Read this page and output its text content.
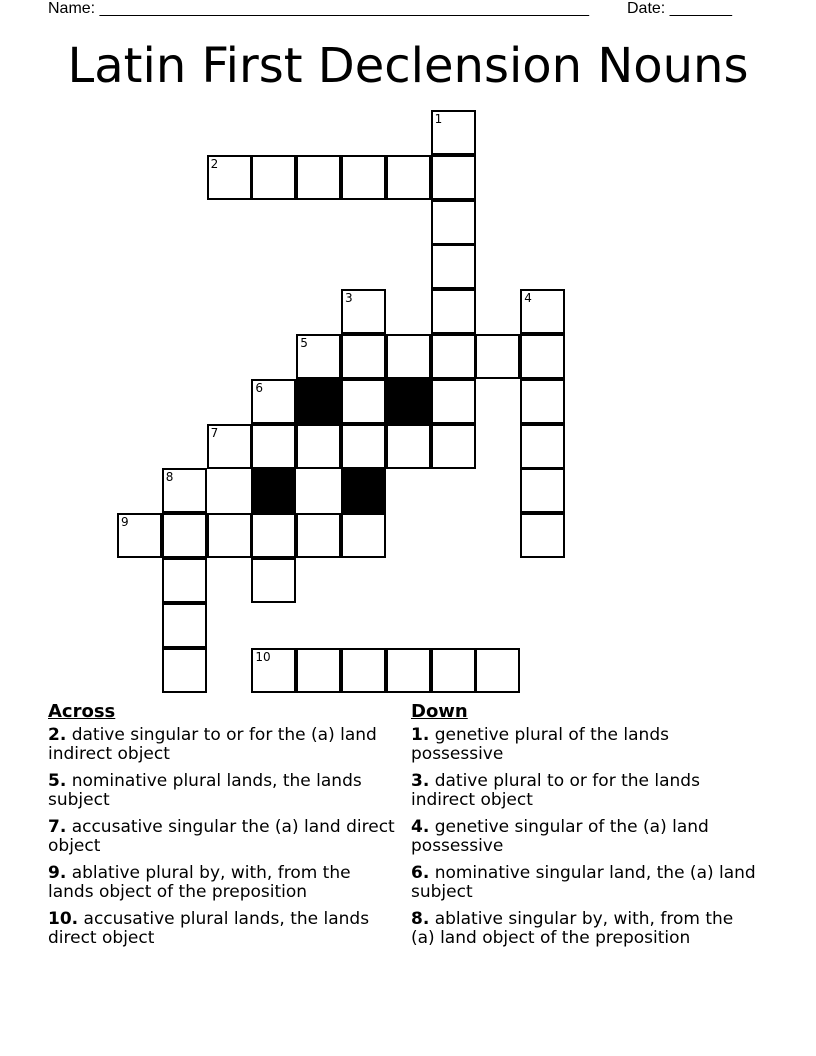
Name: _______________________________________________________ Date: _______
Latin First Declension Nouns
1
2
3	4
5
6
7
8
9
10
Across
2. dative singular to or for the (a) land indirect object
5. nominative plural lands, the lands subject
7. accusative singular the (a) land direct object
9. ablative plural by, with, from the lands object of the preposition
10. accusative plural lands, the lands direct object
Down
1. genetive plural of the lands possessive
3. dative plural to or for the lands indirect object
4. genetive singular of the (a) land possessive
6. nominative singular land, the (a) land subject
8. ablative singular by, with, from the (a) land object of the preposition
